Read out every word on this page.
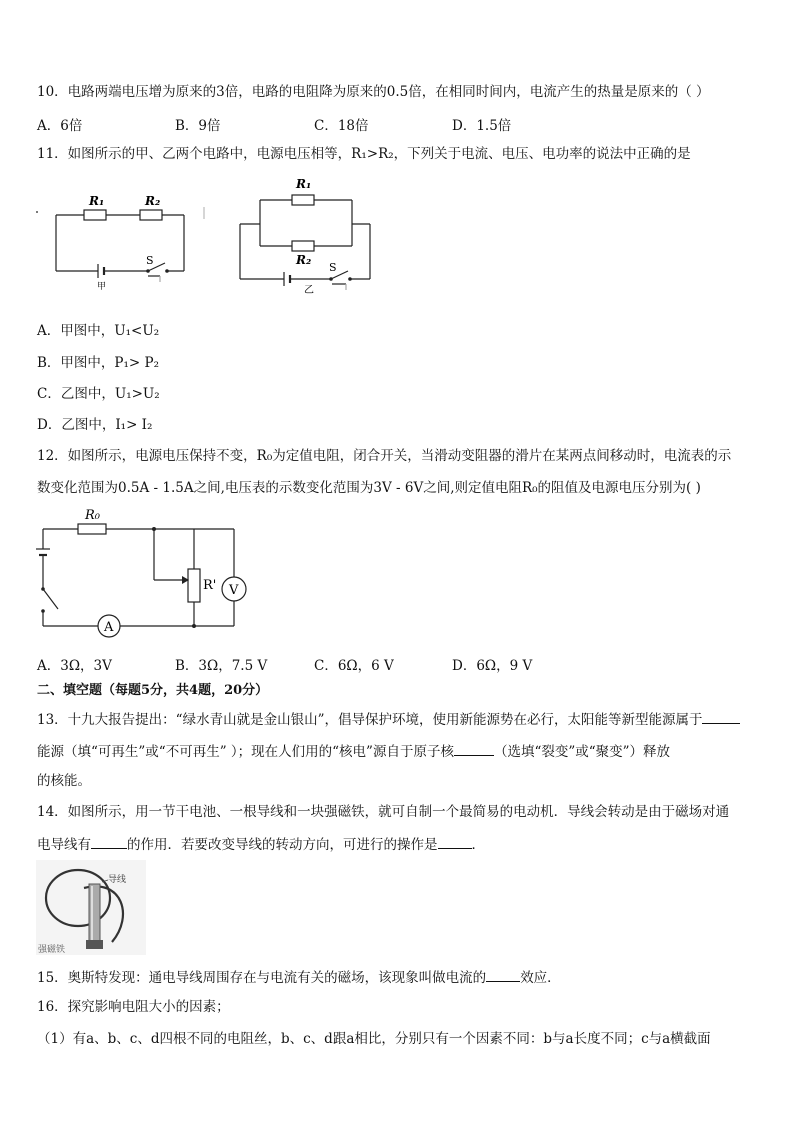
10．电路两端电压增为原来的3倍，电路的电阻降为原来的0.5倍，在相同时间内，电流产生的热量是原来的（ ）
A．6倍	B．9倍	C．18倍	D．1.5倍
11．如图所示的甲、乙两个电路中，电源电压相等，R₁>R₂，下列关于电流、电压、电功率的说法中正确的是
R₁	R₂
S
甲
R₁
R₂
S
乙
A．甲图中，U₁<U₂
B．甲图中，P₁> P₂
C．乙图中，U₁>U₂
D．乙图中，I₁> I₂
12．如图所示，电源电压保持不变，R₀为定值电阻，闭合开关，当滑动变阻器的滑片在某两点间移动时，电流表的示
数变化范围为0.5A - 1.5A之间,电压表的示数变化范围为3V - 6V之间,则定值电阻R₀的阻值及电源电压分别为( )
R₀
R' V
A
A．3Ω，3V	B．3Ω，7.5 V	C．6Ω，6 V	D．6Ω，9 V
二、填空题（每题5分，共4题，20分）
13．十九大报告提出：“绿水青山就是金山银山”，倡导保护环境，使用新能源势在必行，太阳能等新型能源属于
能源（填“可再生”或“不可再生” ）；现在人们用的“核电”源自于原子核	（选填“裂变”或“聚变”）释放
的核能。
14．如图所示，用一节干电池、一根导线和一块强磁铁，就可自制一个最简易的电动机．导线会转动是由于磁场对通
电导线有	的作用．若要改变导线的转动方向，可进行的操作是	．
导线
强磁铁
15．奥斯特发现：通电导线周围存在与电流有关的磁场，该现象叫做电流的	效应．
16．探究影响电阻大小的因素；
（1）有a、b、c、d四根不同的电阻丝，b、c、d跟a相比，分别只有一个因素不同：b与a长度不同；c与a横截面
